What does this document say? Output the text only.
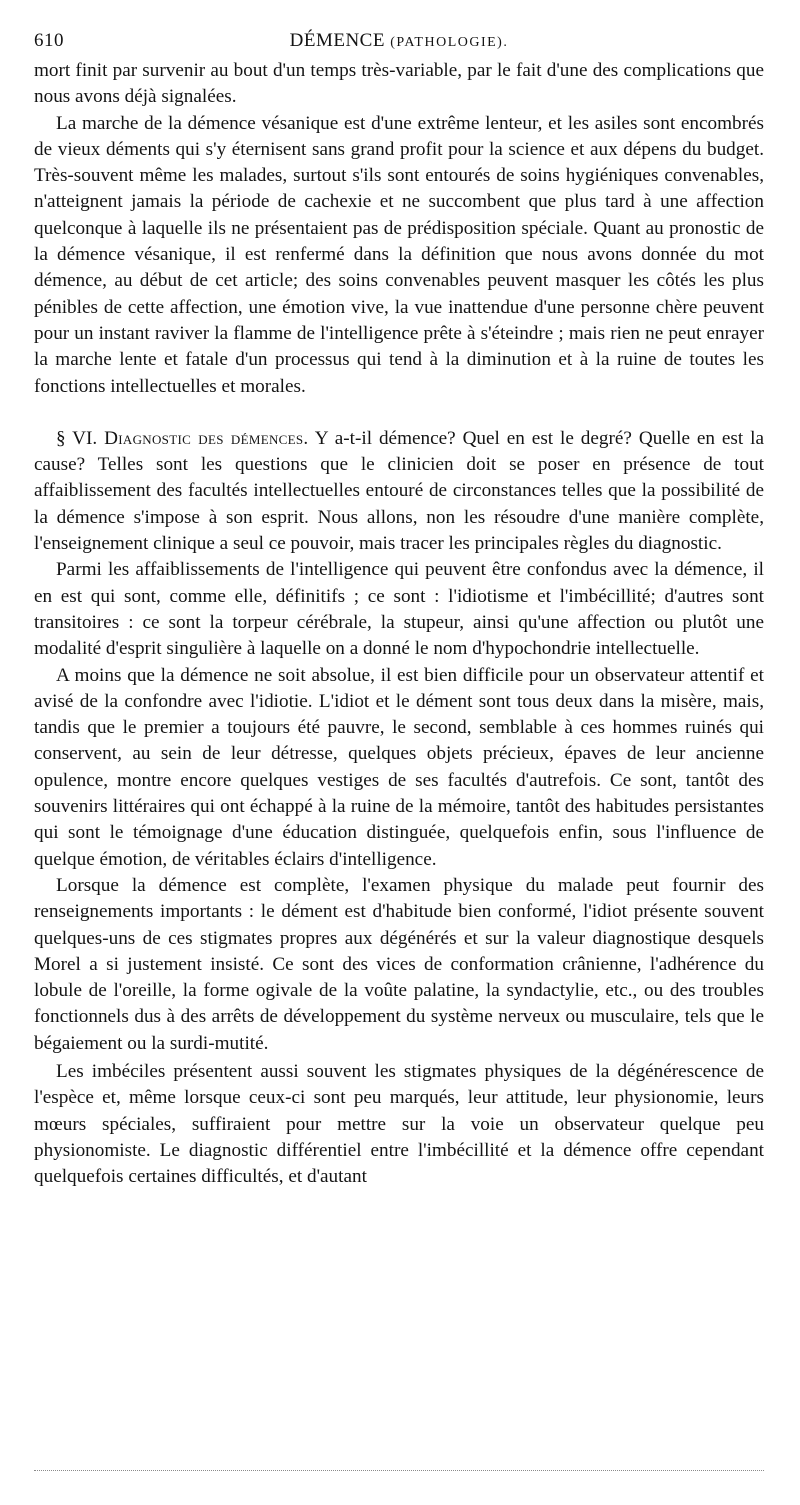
610	DÉMENCE (PATHOLOGIE).

mort finit par survenir au bout d'un temps très-variable, par le fait d'une des complications que nous avons déjà signalées.

La marche de la démence vésanique est d'une extrême lenteur, et les asiles sont encombrés de vieux déments qui s'y éternisent sans grand profit pour la science et aux dépens du budget. Très-souvent même les malades, surtout s'ils sont entourés de soins hygiéniques convenables, n'atteignent jamais la période de cachexie et ne succombent que plus tard à une affection quelconque à laquelle ils ne présentaient pas de prédisposition spéciale. Quant au pronostic de la démence vésanique, il est renfermé dans la définition que nous avons donnée du mot démence, au début de cet article; des soins convenables peuvent masquer les côtés les plus pénibles de cette affection, une émotion vive, la vue inattendue d'une personne chère peuvent pour un instant raviver la flamme de l'intelligence prête à s'éteindre ; mais rien ne peut enrayer la marche lente et fatale d'un processus qui tend à la diminution et à la ruine de toutes les fonctions intellectuelles et morales.

§ VI. Diagnostic des démences. Y a-t-il démence? Quel en est le degré? Quelle en est la cause? Telles sont les questions que le clinicien doit se poser en présence de tout affaiblissement des facultés intellectuelles entouré de circonstances telles que la possibilité de la démence s'impose à son esprit. Nous allons, non les résoudre d'une manière complète, l'enseignement clinique a seul ce pouvoir, mais tracer les principales règles du diagnostic.

Parmi les affaiblissements de l'intelligence qui peuvent être confondus avec la démence, il en est qui sont, comme elle, définitifs ; ce sont : l'idiotisme et l'imbécillité; d'autres sont transitoires : ce sont la torpeur cérébrale, la stupeur, ainsi qu'une affection ou plutôt une modalité d'esprit singulière à laquelle on a donné le nom d'hypochondrie intellectuelle.

A moins que la démence ne soit absolue, il est bien difficile pour un observateur attentif et avisé de la confondre avec l'idiotie. L'idiot et le dément sont tous deux dans la misère, mais, tandis que le premier a toujours été pauvre, le second, semblable à ces hommes ruinés qui conservent, au sein de leur détresse, quelques objets précieux, épaves de leur ancienne opulence, montre encore quelques vestiges de ses facultés d'autrefois. Ce sont, tantôt des souvenirs littéraires qui ont échappé à la ruine de la mémoire, tantôt des habitudes persistantes qui sont le témoignage d'une éducation distinguée, quelquefois enfin, sous l'influence de quelque émotion, de véritables éclairs d'intelligence.

Lorsque la démence est complète, l'examen physique du malade peut fournir des renseignements importants : le dément est d'habitude bien conformé, l'idiot présente souvent quelques-uns de ces stigmates propres aux dégénérés et sur la valeur diagnostique desquels Morel a si justement insisté. Ce sont des vices de conformation crânienne, l'adhérence du lobule de l'oreille, la forme ogivale de la voûte palatine, la syndactylie, etc., ou des troubles fonctionnels dus à des arrêts de développement du système nerveux ou musculaire, tels que le bégaiement ou la surdi-mutité.

Les imbéciles présentent aussi souvent les stigmates physiques de la dégénérescence de l'espèce et, même lorsque ceux-ci sont peu marqués, leur attitude, leur physionomie, leurs mœurs spéciales, suffiraient pour mettre sur la voie un observateur quelque peu physionomiste. Le diagnostic différentiel entre l'imbécillité et la démence offre cependant quelquefois certaines difficultés, et d'autant
